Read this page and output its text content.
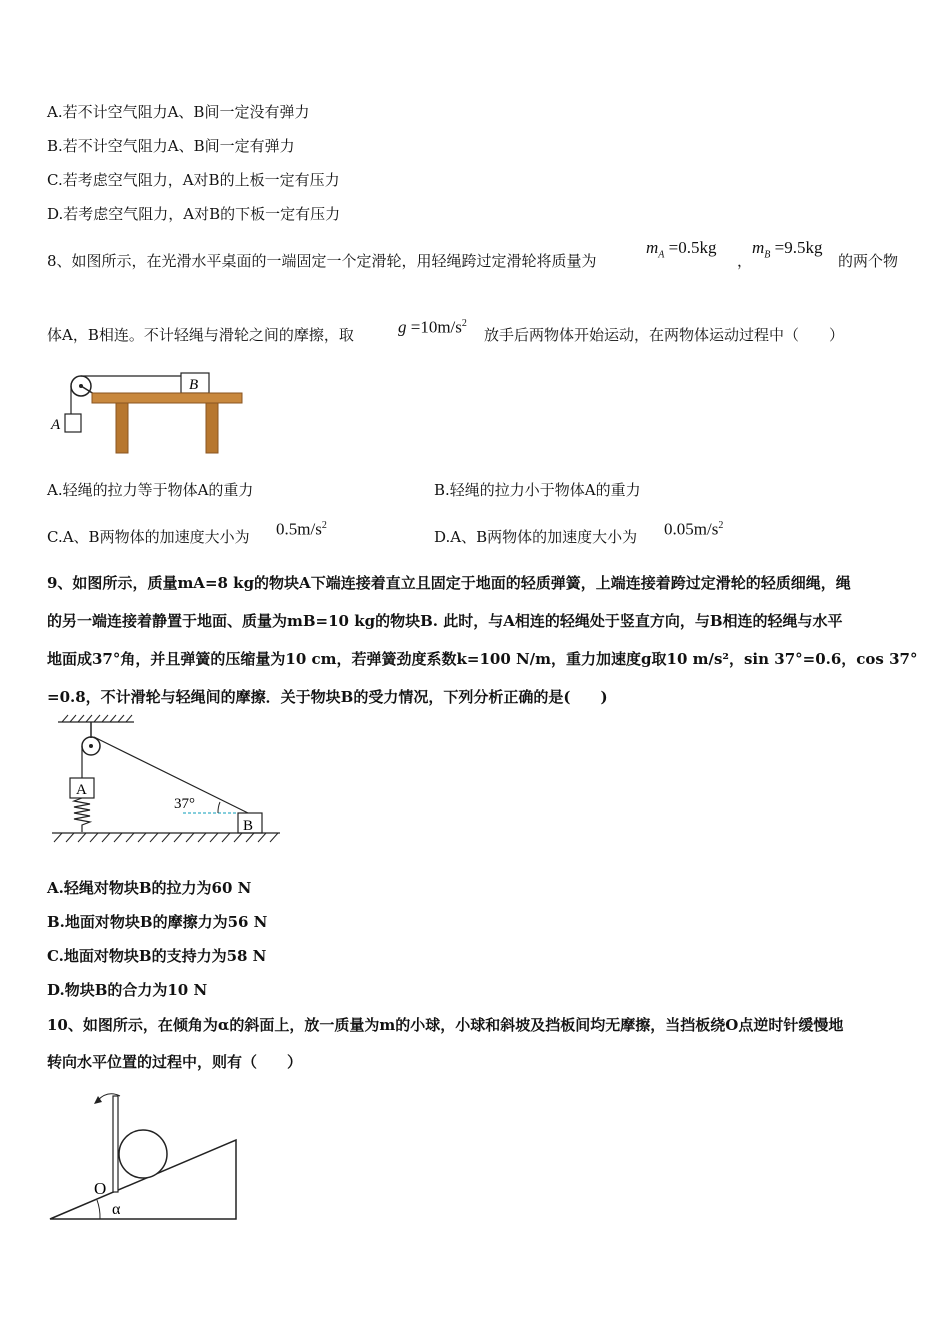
A.若不计空气阻力A、B间一定没有弹力
B.若不计空气阻力A、B间一定有弹力
C.若考虑空气阻力，A对B的上板一定有压力
D.若考虑空气阻力，A对B的下板一定有压力
8、如图所示，在光滑水平桌面的一端固定一个定滑轮，用轻绳跨过定滑轮将质量为
$m_A =0.5kg$
，
$m_B =9.5kg$
的两个物
体A，B相连。不计轻绳与滑轮之间的摩擦，取	$g =10m/s^2$
放手后两物体开始运动，在两物体运动过程中（　　）
A
B
A.轻绳的拉力等于物体A的重力	B.轻绳的拉力小于物体A的重力
C.A、B两物体的加速度大小为 $0.5m/s^2$
D.A、B两物体的加速度大小为 $0.05m/s^2$
9、如图所示，质量mA=8 kg的物块A下端连接着直立且固定于地面的轻质弹簧，上端连接着跨过定滑轮的轻质细绳，绳
的另一端连接着静置于地面、质量为mB=10 kg的物块B. 此时，与A相连的轻绳处于竖直方向，与B相连的轻绳与水平
地面成37°角，并且弹簧的压缩量为10 cm，若弹簧劲度系数k=100 N/m，重力加速度g取10 m/s²，sin 37°=0.6，cos 37°
=0.8，不计滑轮与轻绳间的摩擦．关于物块B的受力情况，下列分析正确的是(　　)
A
B
37°
A.轻绳对物块B的拉力为60 N
B.地面对物块B的摩擦力为56 N
C.地面对物块B的支持力为58 N
D.物块B的合力为10 N
10、如图所示，在倾角为α的斜面上，放一质量为m的小球，小球和斜坡及挡板间均无摩擦，当挡板绕O点逆时针缓慢地
转向水平位置的过程中，则有（　　）
O
α
